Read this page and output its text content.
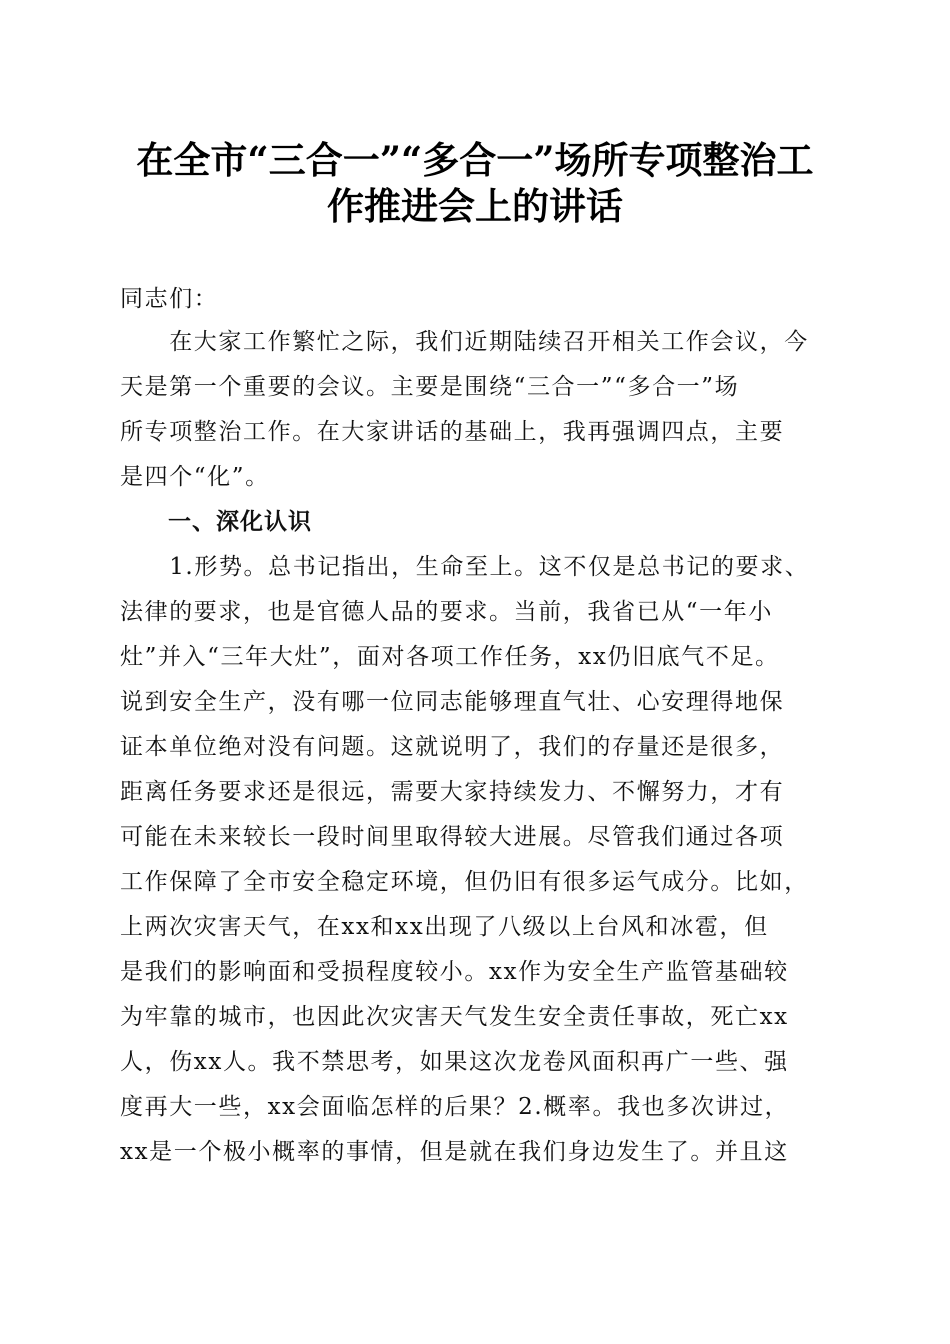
在全市“三合一”“多合一”场所专项整治工
作推进会上的讲话
同志们：
　　在大家工作繁忙之际，我们近期陆续召开相关工作会议，今
天是第一个重要的会议。主要是围绕“三合一”“多合一”场
所专项整治工作。在大家讲话的基础上，我再强调四点，主要
是四个“化”。
　　一、深化认识
　　1.形势。总书记指出，生命至上。这不仅是总书记的要求、
法律的要求，也是官德人品的要求。当前，我省已从“一年小
灶”并入“三年大灶”，面对各项工作任务，xx仍旧底气不足。
说到安全生产，没有哪一位同志能够理直气壮、心安理得地保
证本单位绝对没有问题。这就说明了，我们的存量还是很多，
距离任务要求还是很远，需要大家持续发力、不懈努力，才有
可能在未来较长一段时间里取得较大进展。尽管我们通过各项
工作保障了全市安全稳定环境，但仍旧有很多运气成分。比如，
上两次灾害天气，在xx和xx出现了八级以上台风和冰雹，但
是我们的影响面和受损程度较小。xx作为安全生产监管基础较
为牢靠的城市，也因此次灾害天气发生安全责任事故，死亡xx
人，伤xx人。我不禁思考，如果这次龙卷风面积再广一些、强
度再大一些，xx会面临怎样的后果？2.概率。我也多次讲过，
xx是一个极小概率的事情，但是就在我们身边发生了。并且这
